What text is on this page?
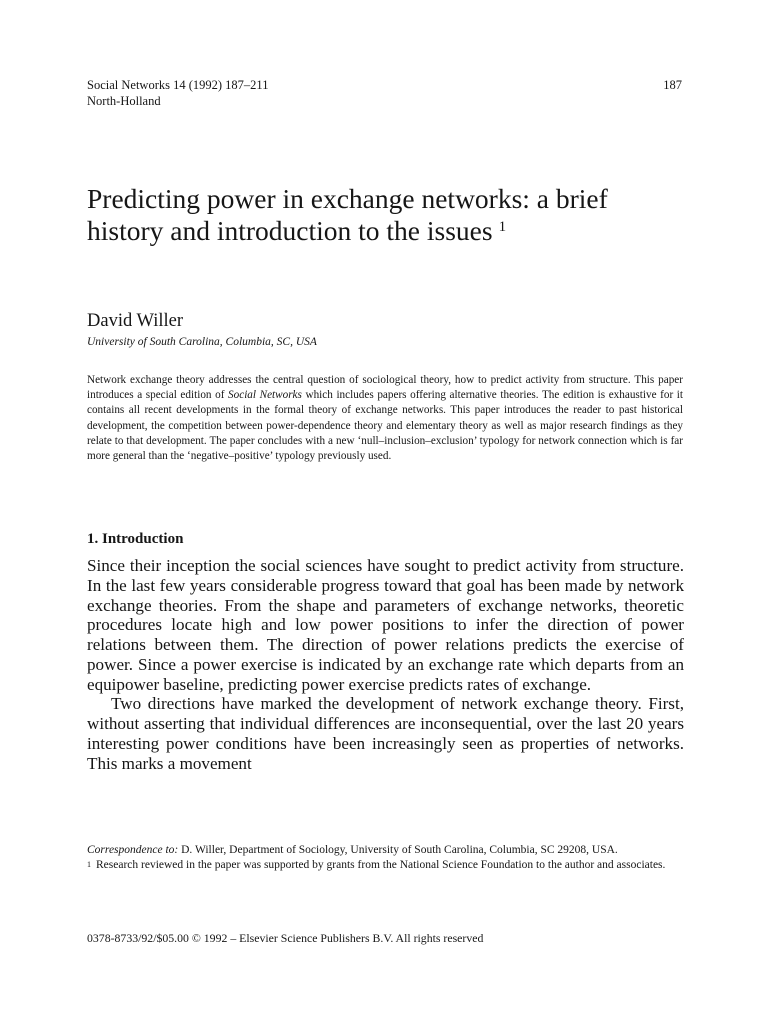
Social Networks 14 (1992) 187–211
North-Holland
187
Predicting power in exchange networks: a brief history and introduction to the issues $^1$
David Willer
University of South Carolina, Columbia, SC, USA

Network exchange theory addresses the central question of sociological theory, how to predict activity from structure. This paper introduces a special edition of Social Networks which includes papers offering alternative theories. The edition is exhaustive for it contains all recent developments in the formal theory of exchange networks. This paper introduces the reader to past historical development, the competition between power-dependence theory and elementary theory as well as major research findings as they relate to that development. The paper concludes with a new ‘null–inclusion–exclusion’ typology for network connection which is far more general than the ‘negative–positive’ typology previously used.

1. Introduction
Since their inception the social sciences have sought to predict activity from structure. In the last few years considerable progress toward that goal has been made by network exchange theories. From the shape and parameters of exchange networks, theoretic procedures locate high and low power positions to infer the direction of power relations between them. The direction of power relations predicts the exercise of power. Since a power exercise is indicated by an exchange rate which departs from an equipower baseline, predicting power exercise predicts rates of exchange.
Two directions have marked the development of network exchange theory. First, without asserting that individual differences are inconsequential, over the last 20 years interesting power conditions have been increasingly seen as properties of networks. This marks a movement
Correspondence to: D. Willer, Department of Sociology, University of South Carolina, Columbia, SC 29208, USA.
$^1$ Research reviewed in the paper was supported by grants from the National Science Foundation to the author and associates.
0378-8733/92/$05.00 © 1992 – Elsevier Science Publishers B.V. All rights reserved
